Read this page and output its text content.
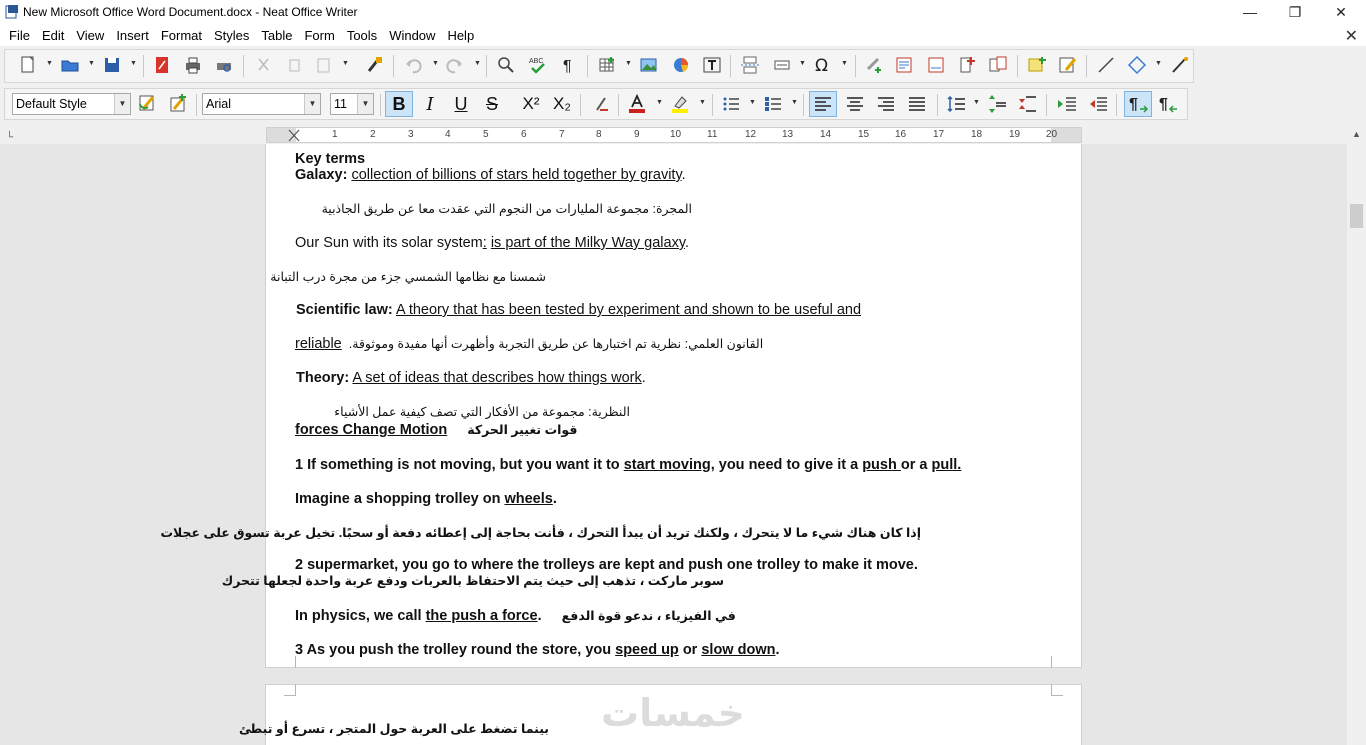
New Microsoft Office Word Document.docx - Neat Office Writer	—	❐	✕
File Edit View Insert Format Styles Table Form Tools Window Help	✕
▼	▼	▼	▼	▼	▼	ABC ¶	▼	▼ Ω ▼	▼
Default Style	▼	Arial	▼	11	▼	B	I	U	S	X² X₂	▼	▼	▼	▼	▼	¶ ¶
└	1	2	3	4	5	6	7	8	9	10	11	12	13	14	15	16	17	18	19	20
Key terms
Galaxy: collection of billions of stars held together by gravity.
المجرة: مجموعة المليارات من النجوم التي عقدت معا عن طريق الجاذبية
Our Sun with its solar system: is part of the Milky Way galaxy.
شمسنا مع نظامها الشمسي جزء من مجرة درب التبانة
Scientific law: A theory that has been tested by experiment and shown to be useful and
reliable القانون العلمي: نظرية تم اختبارها عن طريق التجربة وأظهرت أنها مفيدة وموثوقة.
Theory: A set of ideas that describes how things work.
النظرية: مجموعة من الأفكار التي تصف كيفية عمل الأشياء
forces Change Motion قوات تغيير الحركة
1 If something is not moving, but you want it to start moving, you need to give it a push or a pull.
Imagine a shopping trolley on wheels.
إذا كان هناك شيء ما لا يتحرك ، ولكنك تريد أن يبدأ التحرك ، فأنت بحاجة إلى إعطائه دفعة أو سحبًا. تخيل عربة تسوق على عجلات
2 supermarket, you go to where the trolleys are kept and push one trolley to make it move.
سوبر ماركت ، تذهب إلى حيث يتم الاحتفاظ بالعربات ودفع عربة واحدة لجعلها تتحرك
In physics, we call the push a force. في الفيزياء ، ندعو قوة الدفع
3 As you push the trolley round the store, you speed up or slow down.
خمسات
بينما تضغط على العربة حول المتجر ، تسرع أو تبطئ
▲
